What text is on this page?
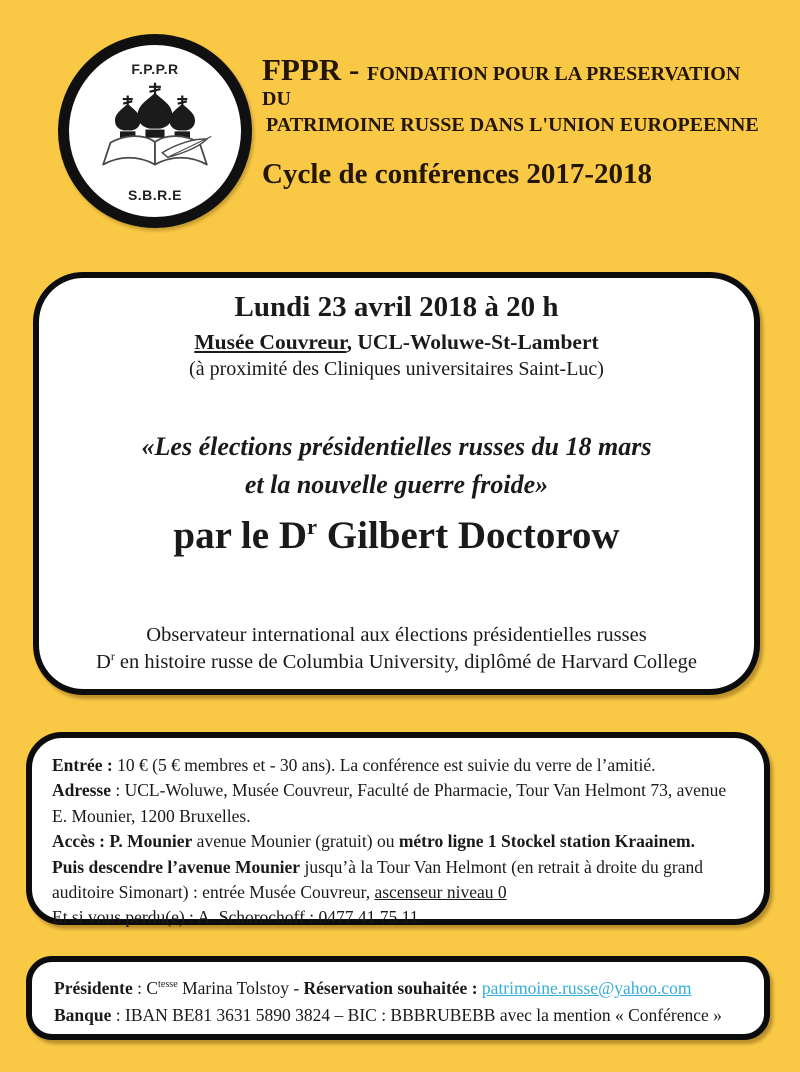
F.P.P.R
S.B.R.E
FPPR - FONDATION POUR LA PRESERVATION DU
PATRIMOINE RUSSE DANS L'UNION EUROPEENNE
Cycle de conférences 2017-2018
Lundi 23 avril 2018 à 20 h
Musée Couvreur, UCL-Woluwe-St-Lambert
(à proximité des Cliniques universitaires Saint-Luc)
«Les élections présidentielles russes du 18 mars
et la nouvelle guerre froide»
par le $D^r$ Gilbert Doctorow
Observateur international aux élections présidentielles russes
$D^r$ en histoire russe de Columbia University, diplômé de Harvard College

Entrée : 10 € (5 € membres et - 30 ans). La conférence est suivie du verre de l’amitié.

Adresse : UCL-Woluwe, Musée Couvreur, Faculté de Pharmacie, Tour Van Helmont 73, avenue E. Mounier, 1200 Bruxelles.

Accès : P. Mounier avenue Mounier (gratuit) ou métro ligne 1 Stockel station Kraainem.

Puis descendre l’avenue Mounier jusqu’à la Tour Van Helmont (en retrait à droite du grand auditoire Simonart) : entrée Musée Couvreur, ascenseur niveau 0

Et si vous perdu(e) : A. Schorochoff : 0477 41 75 11.

Présidente : $C^{tesse}$ Marina Tolstoy - Réservation souhaitée : patrimoine.russe@yahoo.com

Banque : IBAN BE81 3631 5890 3824 – BIC : BBBRUBEBB avec la mention « Conférence »
